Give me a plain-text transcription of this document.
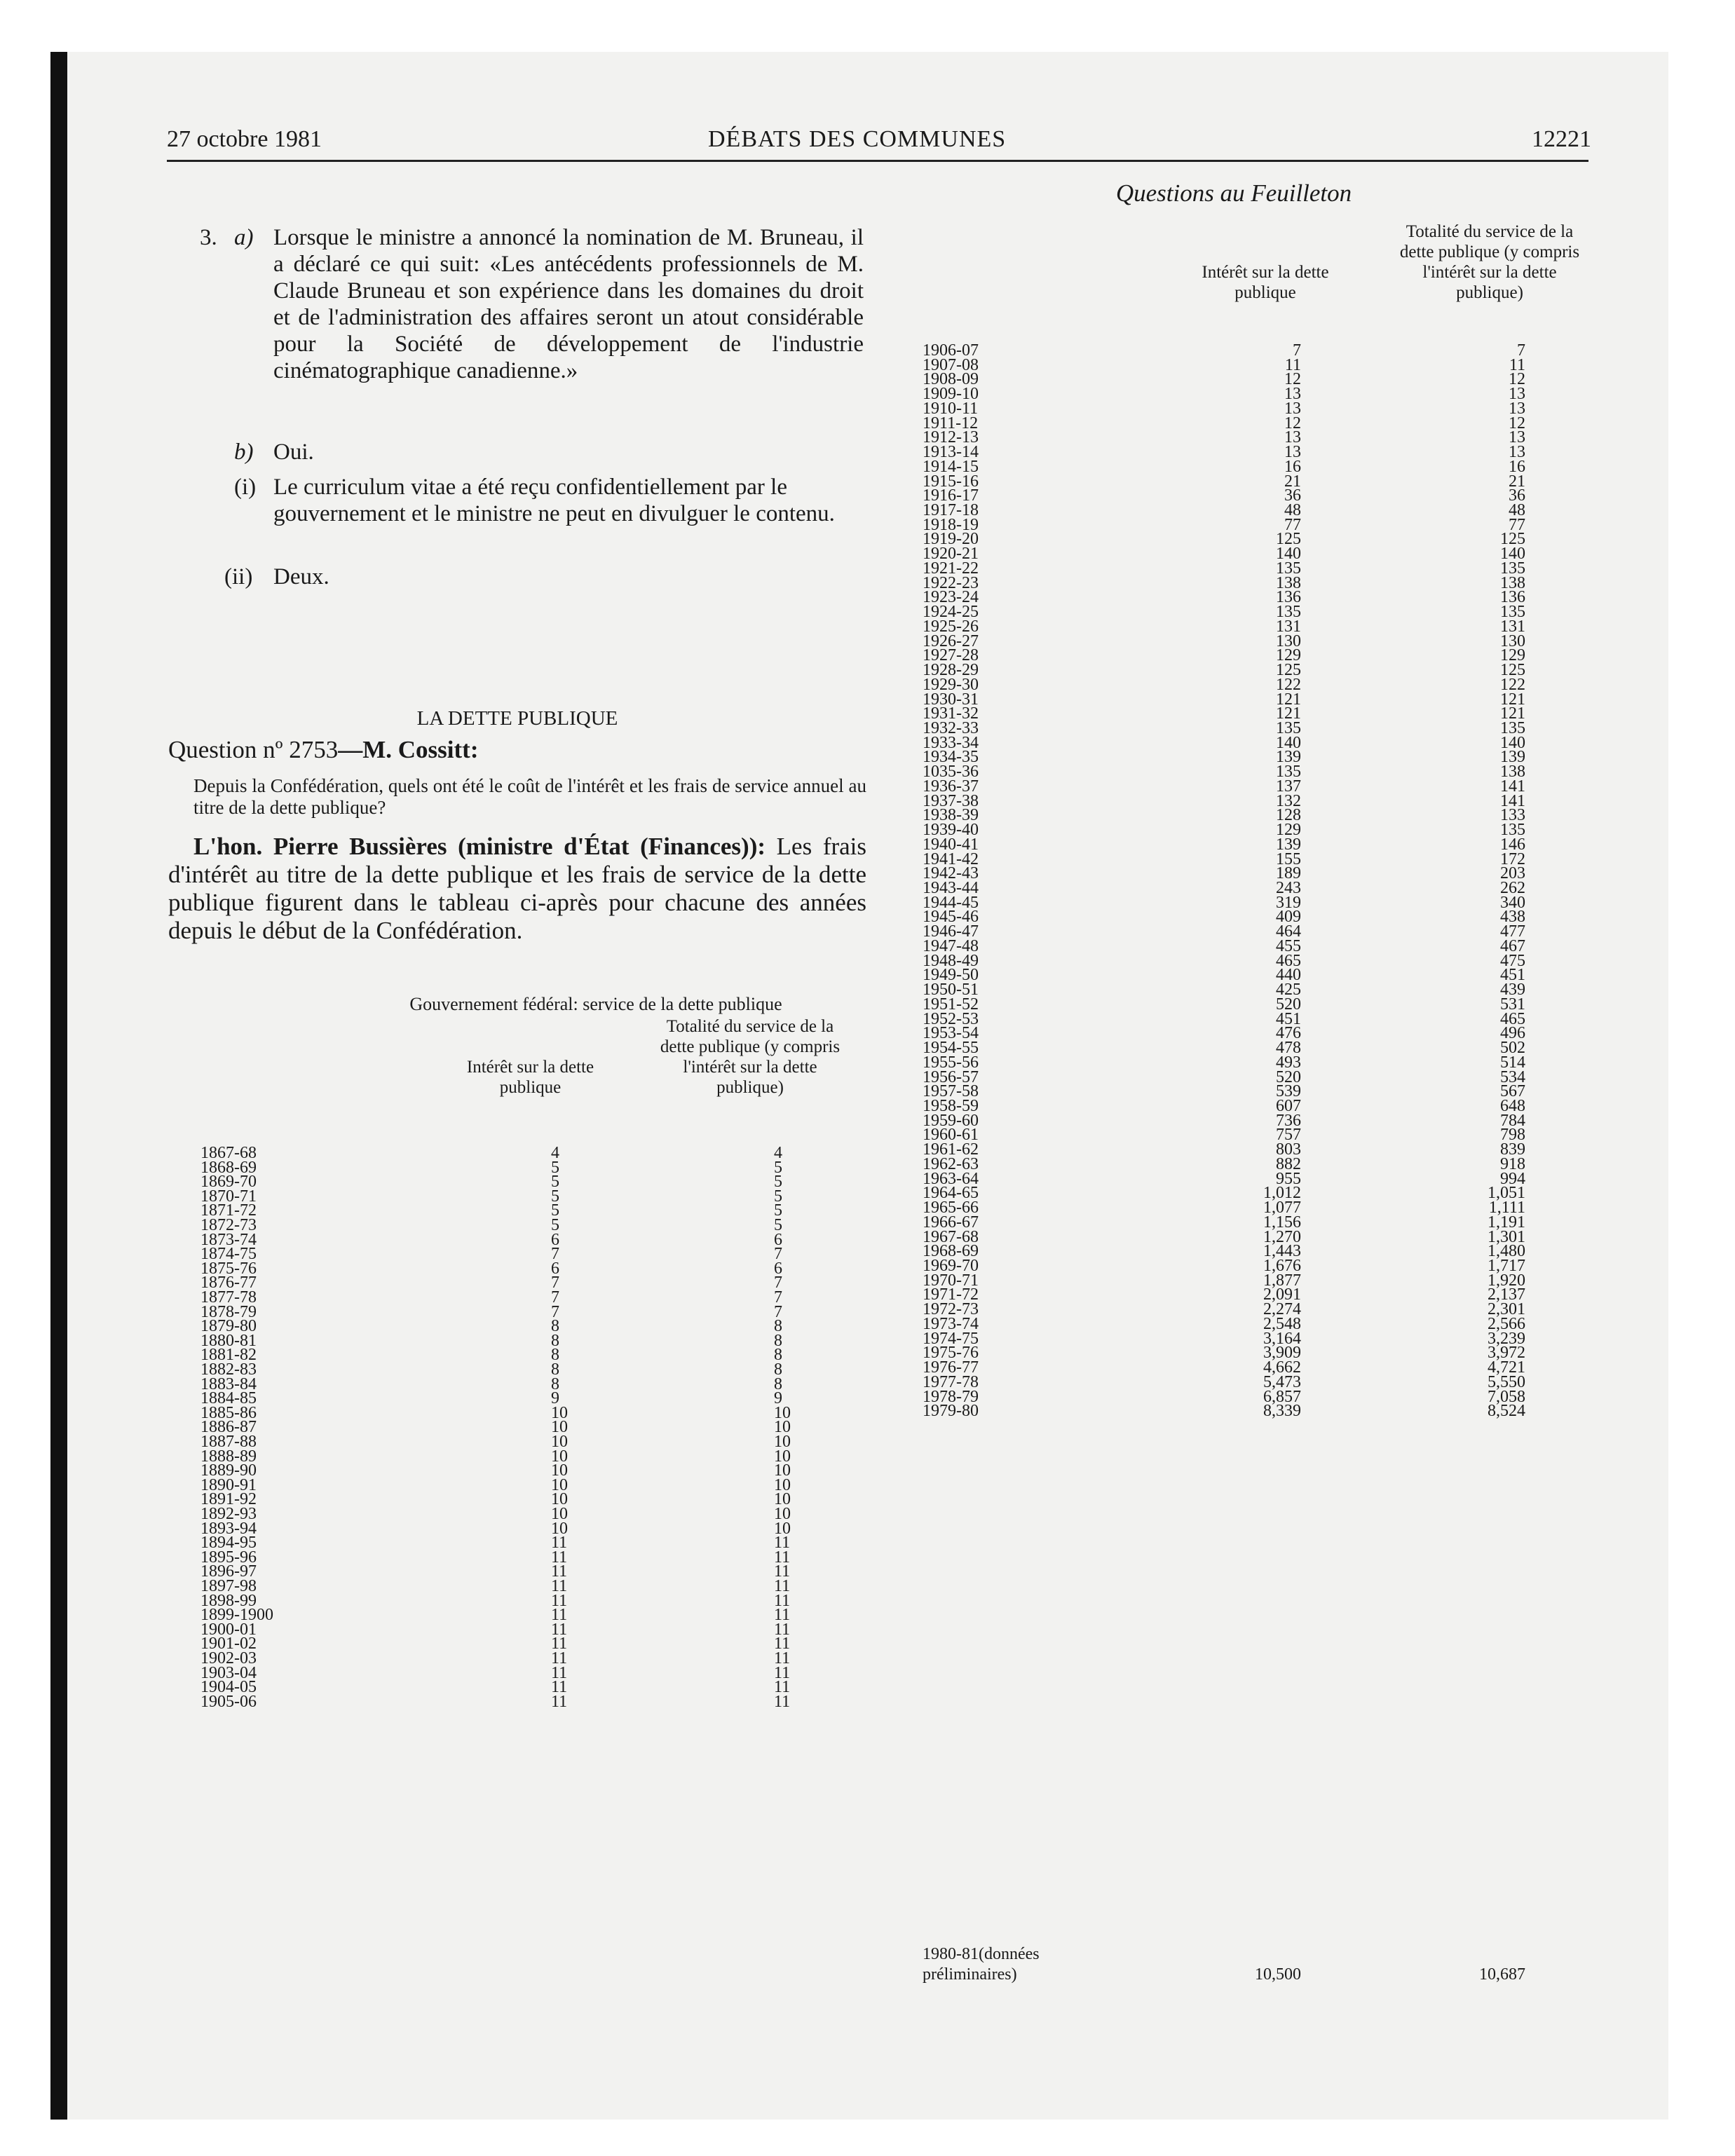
27 octobre 1981	DÉBATS DES COMMUNES	12221
Questions au Feuilleton
3. a) Lorsque le ministre a annoncé la nomination de M. Bruneau, il a déclaré ce qui suit: «Les antécédents professionnels de M. Claude Bruneau et son expérience dans les domaines du droit et de l'administration des affaires seront un atout considérable pour la Société de développement de l'industrie cinématographique canadienne.»

b) Oui.
(i) Le curriculum vitae a été reçu confidentiellement par le gouvernement et le ministre ne peut en divulguer le contenu.

(ii) Deux.
LA DETTE PUBLIQUE
Question nº 2753—M. Cossitt:

Depuis la Confédération, quels ont été le coût de l'intérêt et les frais de service annuel au titre de la dette publique?

L'hon. Pierre Bussières (ministre d'État (Finances)): Les frais d'intérêt au titre de la dette publique et les frais de service de la dette publique figurent dans le tableau ci-après pour chacune des années depuis le début de la Confédération.

Gouvernement fédéral: service de la dette publique
Intérêt sur la dette publique
Totalité du service de la dette publique (y compris l'intérêt sur la dette publique)
1867-68	4	4
1868-69	5	5
1869-70	5	5
1870-71	5	5
1871-72	5	5
1872-73	5	5
1873-74	6	6
1874-75	7	7
1875-76	6	6
1876-77	7	7
1877-78	7	7
1878-79	7	7
1879-80	8	8
1880-81	8	8
1881-82	8	8
1882-83	8	8
1883-84	8	8
1884-85	9	9
1885-86	10	10
1886-87	10	10
1887-88	10	10
1888-89	10	10
1889-90	10	10
1890-91	10	10
1891-92	10	10
1892-93	10	10
1893-94	10	10
1894-95	11	11
1895-96	11	11
1896-97	11	11
1897-98	11	11
1898-99	11	11
1899-1900	11	11
1900-01	11	11
1901-02	11	11
1902-03	11	11
1903-04	11	11
1904-05	11	11
1905-06	11	11
Intérêt sur la dette publique
Totalité du service de la dette publique (y compris l'intérêt sur la dette publique)
1906-07	7	7
1907-08	11	11
1908-09	12	12
1909-10	13	13
1910-11	13	13
1911-12	12	12
1912-13	13	13
1913-14	13	13
1914-15	16	16
1915-16	21	21
1916-17	36	36
1917-18	48	48
1918-19	77	77
1919-20	125	125
1920-21	140	140
1921-22	135	135
1922-23	138	138
1923-24	136	136
1924-25	135	135
1925-26	131	131
1926-27	130	130
1927-28	129	129
1928-29	125	125
1929-30	122	122
1930-31	121	121
1931-32	121	121
1932-33	135	135
1933-34	140	140
1934-35	139	139
1035-36	135	138
1936-37	137	141
1937-38	132	141
1938-39	128	133
1939-40	129	135
1940-41	139	146
1941-42	155	172
1942-43	189	203
1943-44	243	262
1944-45	319	340
1945-46	409	438
1946-47	464	477
1947-48	455	467
1948-49	465	475
1949-50	440	451
1950-51	425	439
1951-52	520	531
1952-53	451	465
1953-54	476	496
1954-55	478	502
1955-56	493	514
1956-57	520	534
1957-58	539	567
1958-59	607	648
1959-60	736	784
1960-61	757	798
1961-62	803	839
1962-63	882	918
1963-64	955	994
1964-65	1,012	1,051
1965-66	1,077	1,111
1966-67	1,156	1,191
1967-68	1,270	1,301
1968-69	1,443	1,480
1969-70	1,676	1,717
1970-71	1,877	1,920
1971-72	2,091	2,137
1972-73	2,274	2,301
1973-74	2,548	2,566
1974-75	3,164	3,239
1975-76	3,909	3,972
1976-77	4,662	4,721
1977-78	5,473	5,550
1978-79	6,857	7,058
1979-80	8,339	8,524
1980-81(données
préliminaires)	10,500	10,687
